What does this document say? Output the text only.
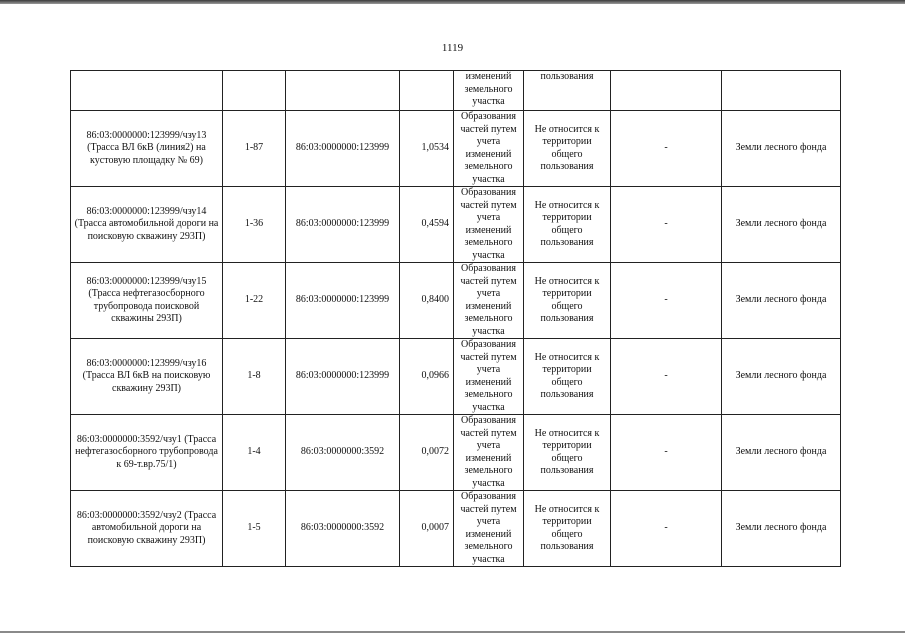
1119
				изменений земельного участка	пользования		
86:03:0000000:123999/чзу13 (Трасса ВЛ 6кВ (линия2) на кустовую площадку № 69)	1-87	86:03:0000000:123999	1,0534	Образования частей путем учета изменений земельного участка	Не относится к территории общего пользования	-	Земли лесного фонда
86:03:0000000:123999/чзу14 (Трасса автомобильной дороги на поисковую скважину 293П)	1-36	86:03:0000000:123999	0,4594	Образования частей путем учета изменений земельного участка	Не относится к территории общего пользования	-	Земли лесного фонда
86:03:0000000:123999/чзу15 (Трасса нефтегазосборного трубопровода поисковой скважины 293П)	1-22	86:03:0000000:123999	0,8400	Образования частей путем учета изменений земельного участка	Не относится к территории общего пользования	-	Земли лесного фонда
86:03:0000000:123999/чзу16 (Трасса ВЛ 6кВ на поисковую скважину 293П)	1-8	86:03:0000000:123999	0,0966	Образования частей путем учета изменений земельного участка	Не относится к территории общего пользования	-	Земли лесного фонда
86:03:0000000:3592/чзу1 (Трасса нефтегазосборного трубопровода к 69-т.вр.75/1)	1-4	86:03:0000000:3592	0,0072	Образования частей путем учета изменений земельного участка	Не относится к территории общего пользования	-	Земли лесного фонда
86:03:0000000:3592/чзу2 (Трасса автомобильной дороги на поисковую скважину 293П)	1-5	86:03:0000000:3592	0,0007	Образования частей путем учета изменений земельного участка	Не относится к территории общего пользования	-	Земли лесного фонда
